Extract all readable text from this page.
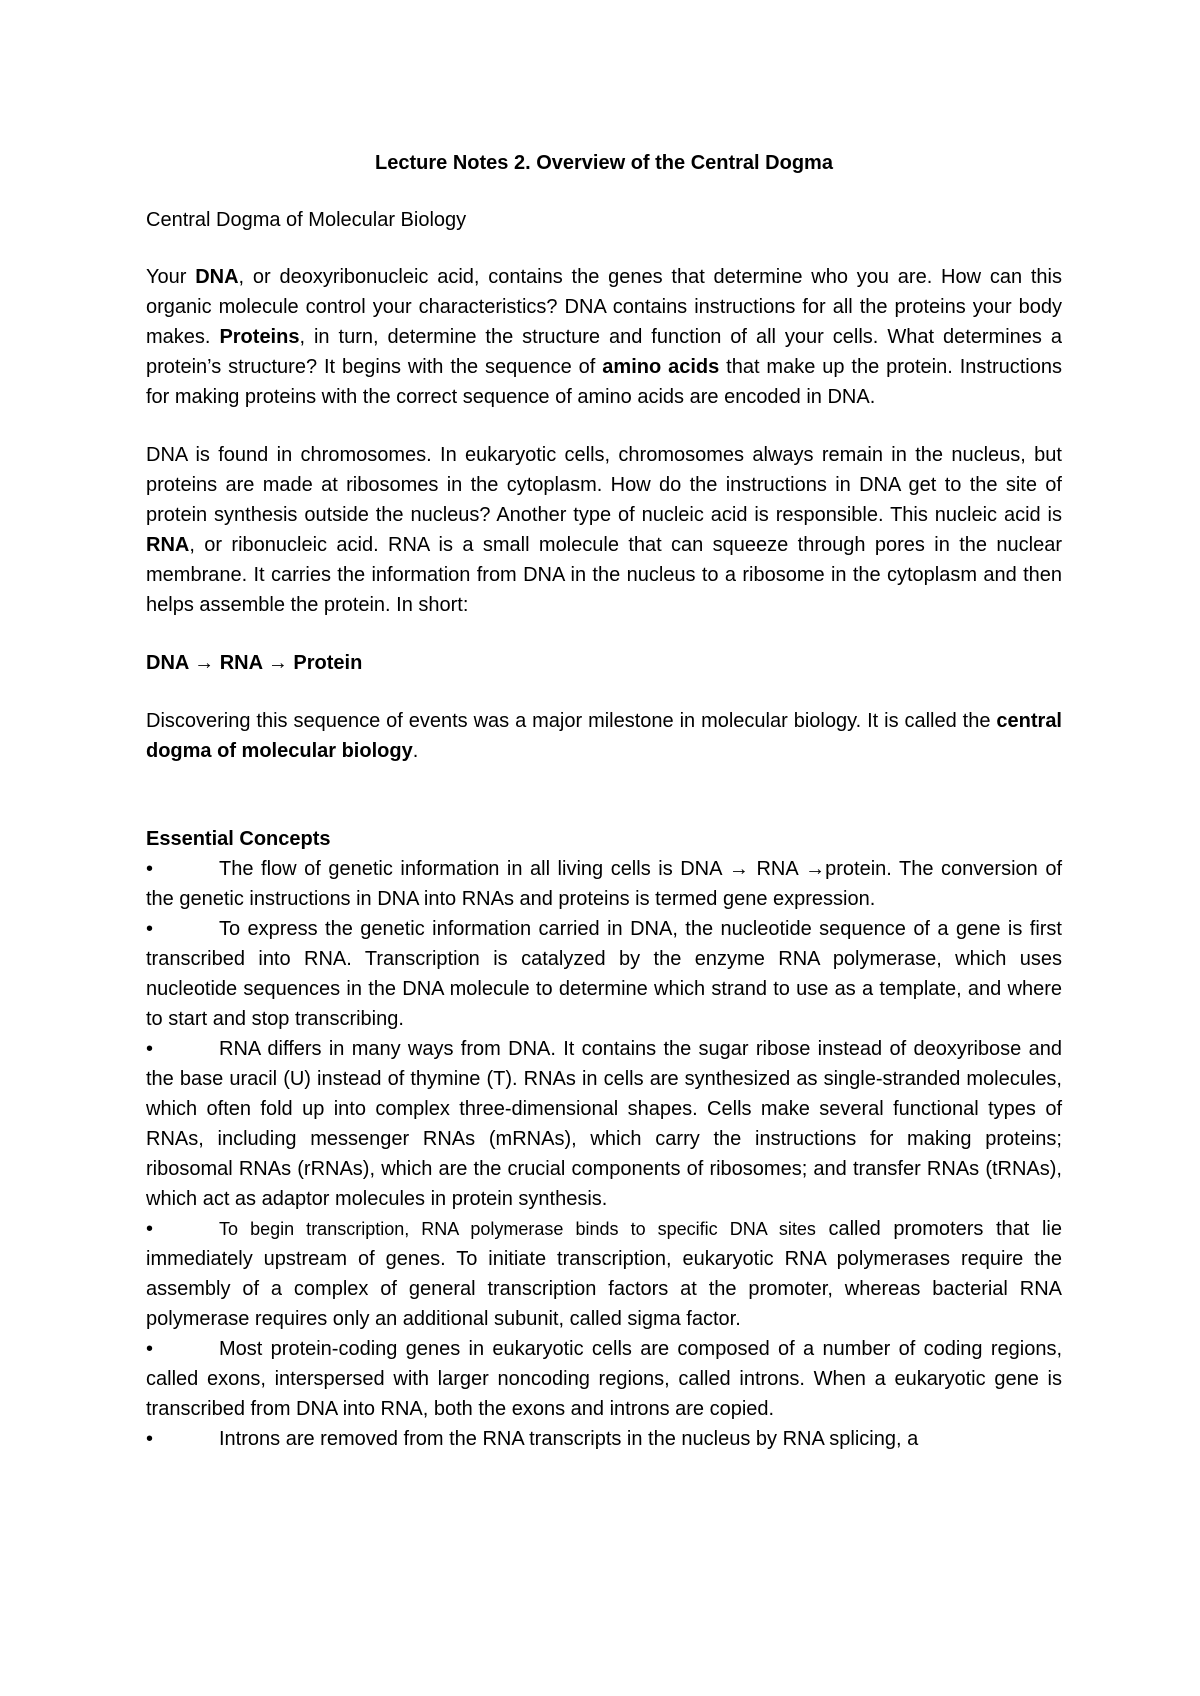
Lecture Notes 2. Overview of the Central Dogma
Central Dogma of Molecular Biology

Your DNA, or deoxyribonucleic acid, contains the genes that determine who you are. How can this organic molecule control your characteristics? DNA contains instructions for all the proteins your body makes. Proteins, in turn, determine the structure and function of all your cells. What determines a protein’s structure? It begins with the sequence of amino acids that make up the protein. Instructions for making proteins with the correct sequence of amino acids are encoded in DNA.

DNA is found in chromosomes. In eukaryotic cells, chromosomes always remain in the nucleus, but proteins are made at ribosomes in the cytoplasm. How do the instructions in DNA get to the site of protein synthesis outside the nucleus? Another type of nucleic acid is responsible. This nucleic acid is RNA, or ribonucleic acid. RNA is a small molecule that can squeeze through pores in the nuclear membrane. It carries the information from DNA in the nucleus to a ribosome in the cytoplasm and then helps assemble the protein. In short:

DNA → RNA → Protein

Discovering this sequence of events was a major milestone in molecular biology. It is called the central dogma of molecular biology.

Essential Concepts
•	The flow of genetic information in all living cells is DNA → RNA →protein. The conversion of the genetic instructions in DNA into RNAs and proteins is termed gene expression.
•	To express the genetic information carried in DNA, the nucleotide sequence of a gene is first transcribed into RNA. Transcription is catalyzed by the enzyme RNA polymerase, which uses nucleotide sequences in the DNA molecule to determine which strand to use as a template, and where to start and stop transcribing.
•	RNA differs in many ways from DNA. It contains the sugar ribose instead of deoxyribose and the base uracil (U) instead of thymine (T). RNAs in cells are synthesized as single-stranded molecules, which often fold up into complex three-dimensional shapes. Cells make several functional types of RNAs, including messenger RNAs (mRNAs), which carry the instructions for making proteins; ribosomal RNAs (rRNAs), which are the crucial components of ribosomes; and transfer RNAs (tRNAs), which act as adaptor molecules in protein synthesis.
•	To begin transcription, RNA polymerase binds to specific DNA sites called promoters that lie immediately upstream of genes. To initiate transcription, eukaryotic RNA polymerases require the assembly of a complex of general transcription factors at the promoter, whereas bacterial RNA polymerase requires only an additional subunit, called sigma factor.
•	Most protein-coding genes in eukaryotic cells are composed of a number of coding regions, called exons, interspersed with larger noncoding regions, called introns. When a eukaryotic gene is transcribed from DNA into RNA, both the exons and introns are copied.
•	Introns are removed from the RNA transcripts in the nucleus by RNA splicing, a
